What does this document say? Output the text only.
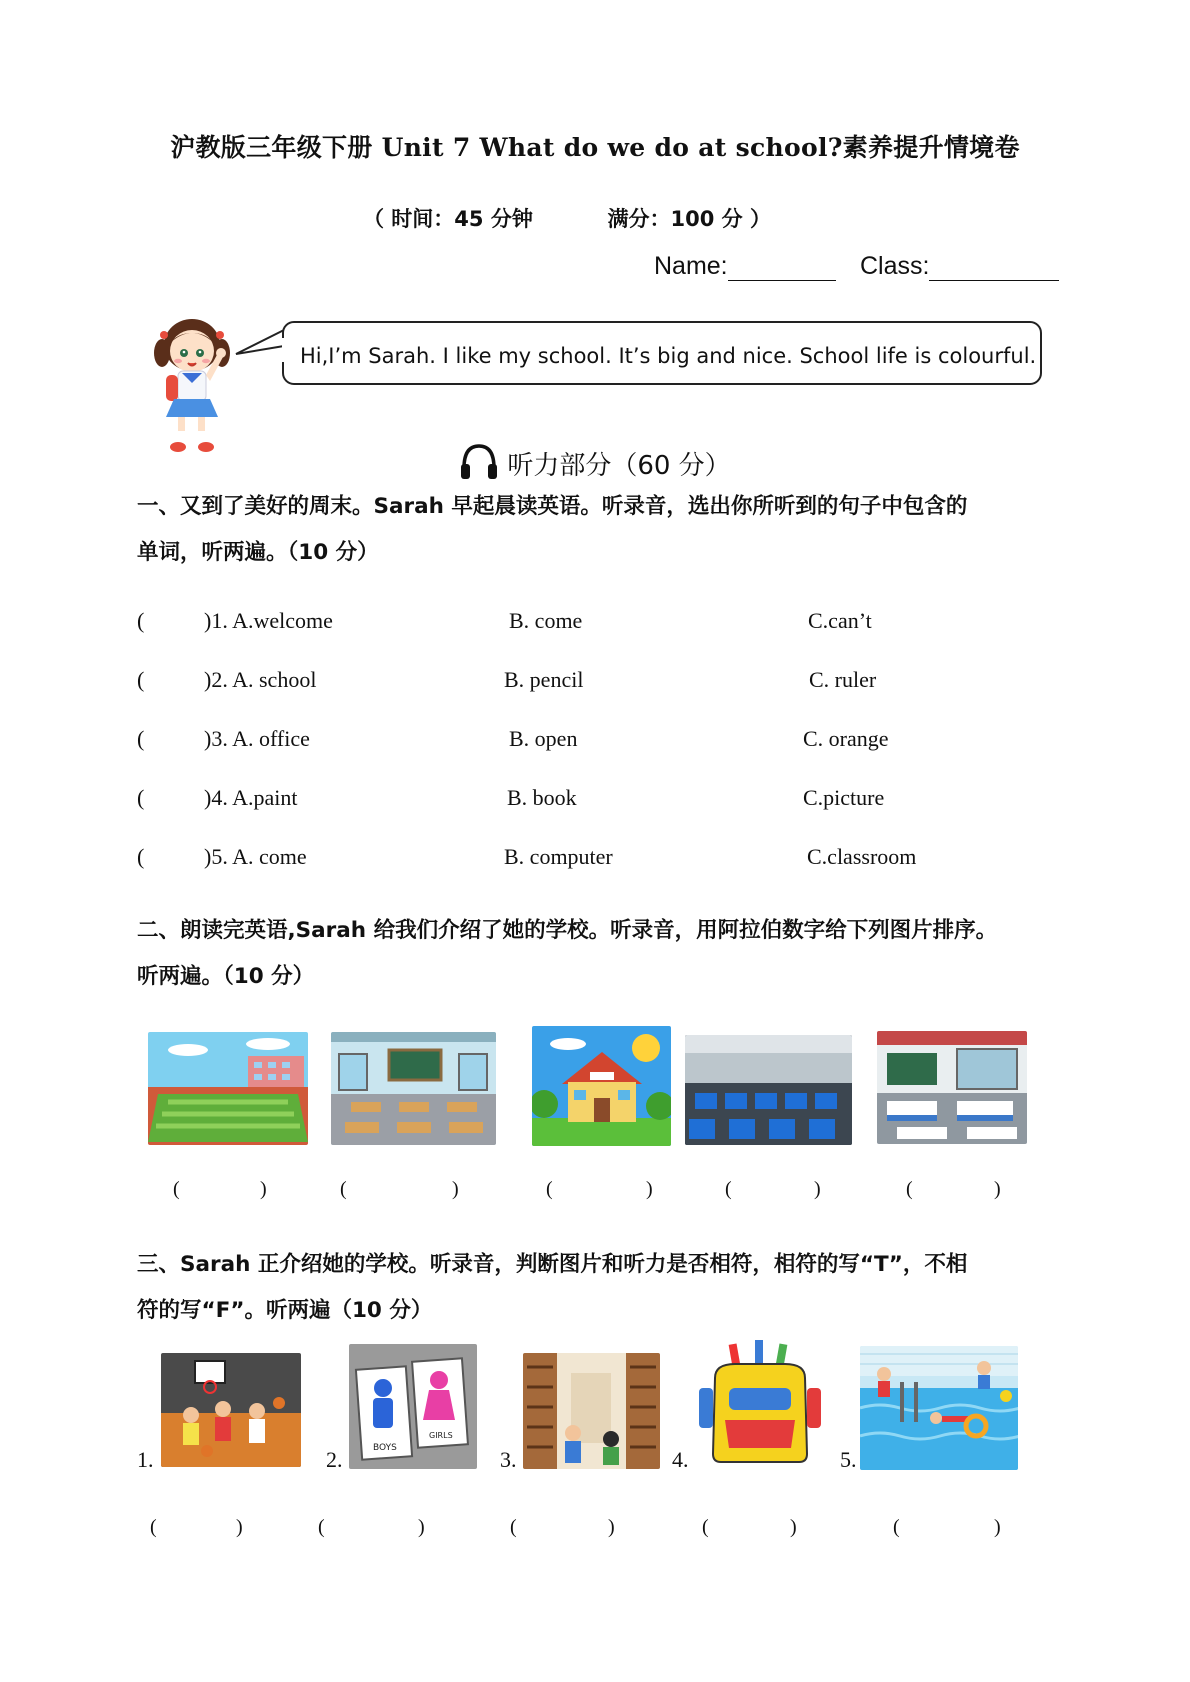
沪教版三年级下册 Unit 7 What do we do at school?素养提升情境卷
（ 时间：45 分钟	满分：100 分 ）
Name:	Class:
Hi,I’m Sarah. I like my school. It’s big and nice. School life is colourful.
听力部分（60 分）
一、又到了美好的周末。Sarah 早起晨读英语。听录音，选出你所听到的句子中包含的
单词，听两遍。（10 分）
(	)1. A.welcome	B. come	C.can’t
(	)2. A. school	B. pencil	C. ruler
(	)3. A. office	B. open	C. orange
(	)4. A.paint	B. book	C.picture
(	)5. A. come	B. computer	C.classroom
二、朗读完英语,Sarah 给我们介绍了她的学校。听录音，用阿拉伯数字给下列图片排序。
听两遍。（10 分）
(	)	(	)	(	)	(	)	(	)
三、Sarah 正介绍她的学校。听录音，判断图片和听力是否相符，相符的写“T”，不相
符的写“F”。听两遍（10 分）
BOYS
GIRLS
1.	2.	3.	4.	5.
(	)	(	)	(	)	(	)	(	)
